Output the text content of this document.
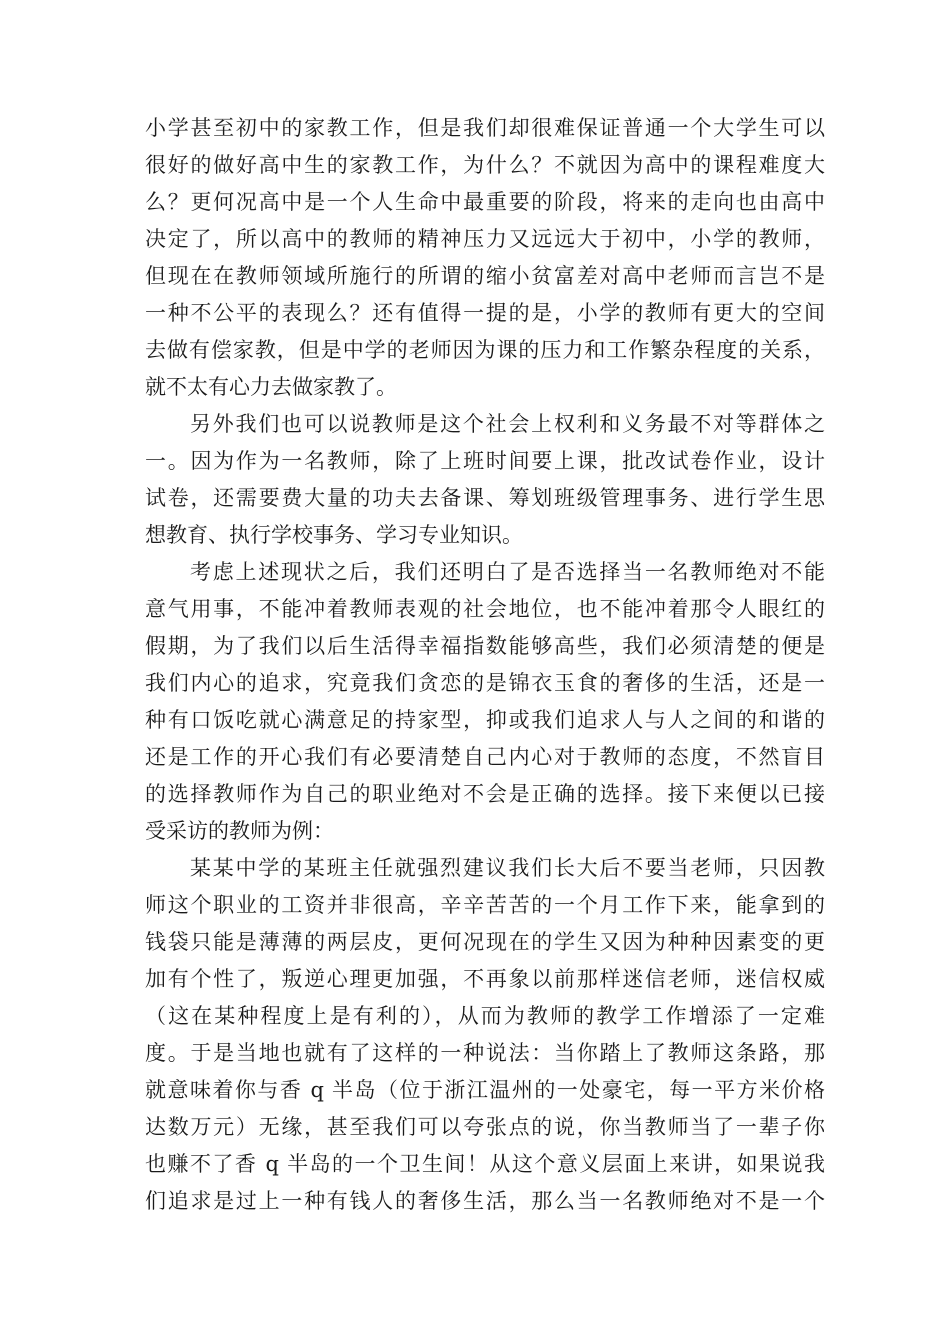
小学甚至初中的家教工作，但是我们却很难保证普通一个大学生可以
很好的做好高中生的家教工作，为什么？不就因为高中的课程难度大
么？更何况高中是一个人生命中最重要的阶段，将来的走向也由高中
决定了，所以高中的教师的精神压力又远远大于初中，小学的教师，
但现在在教师领域所施行的所谓的缩小贫富差对高中老师而言岂不是
一种不公平的表现么？还有值得一提的是，小学的教师有更大的空间
去做有偿家教，但是中学的老师因为课的压力和工作繁杂程度的关系，
就不太有心力去做家教了。
另外我们也可以说教师是这个社会上权利和义务最不对等群体之
一。因为作为一名教师，除了上班时间要上课，批改试卷作业，设计
试卷，还需要费大量的功夫去备课、筹划班级管理事务、进行学生思
想教育、执行学校事务、学习专业知识。
考虑上述现状之后，我们还明白了是否选择当一名教师绝对不能
意气用事，不能冲着教师表观的社会地位，也不能冲着那令人眼红的
假期，为了我们以后生活得幸福指数能够高些，我们必须清楚的便是
我们内心的追求，究竟我们贪恋的是锦衣玉食的奢侈的生活，还是一
种有口饭吃就心满意足的持家型，抑或我们追求人与人之间的和谐的
还是工作的开心我们有必要清楚自己内心对于教师的态度，不然盲目
的选择教师作为自己的职业绝对不会是正确的选择。接下来便以已接
受采访的教师为例：
某某中学的某班主任就强烈建议我们长大后不要当老师，只因教
师这个职业的工资并非很高，辛辛苦苦的一个月工作下来，能拿到的
钱袋只能是薄薄的两层皮，更何况现在的学生又因为种种因素变的更
加有个性了，叛逆心理更加强，不再象以前那样迷信老师，迷信权威
（这在某种程度上是有利的），从而为教师的教学工作增添了一定难
度。于是当地也就有了这样的一种说法：当你踏上了教师这条路，那
就意味着你与香 q 半岛（位于浙江温州的一处豪宅，每一平方米价格
达数万元）无缘，甚至我们可以夸张点的说，你当教师当了一辈子你
也赚不了香 q 半岛的一个卫生间！从这个意义层面上来讲，如果说我
们追求是过上一种有钱人的奢侈生活，那么当一名教师绝对不是一个
